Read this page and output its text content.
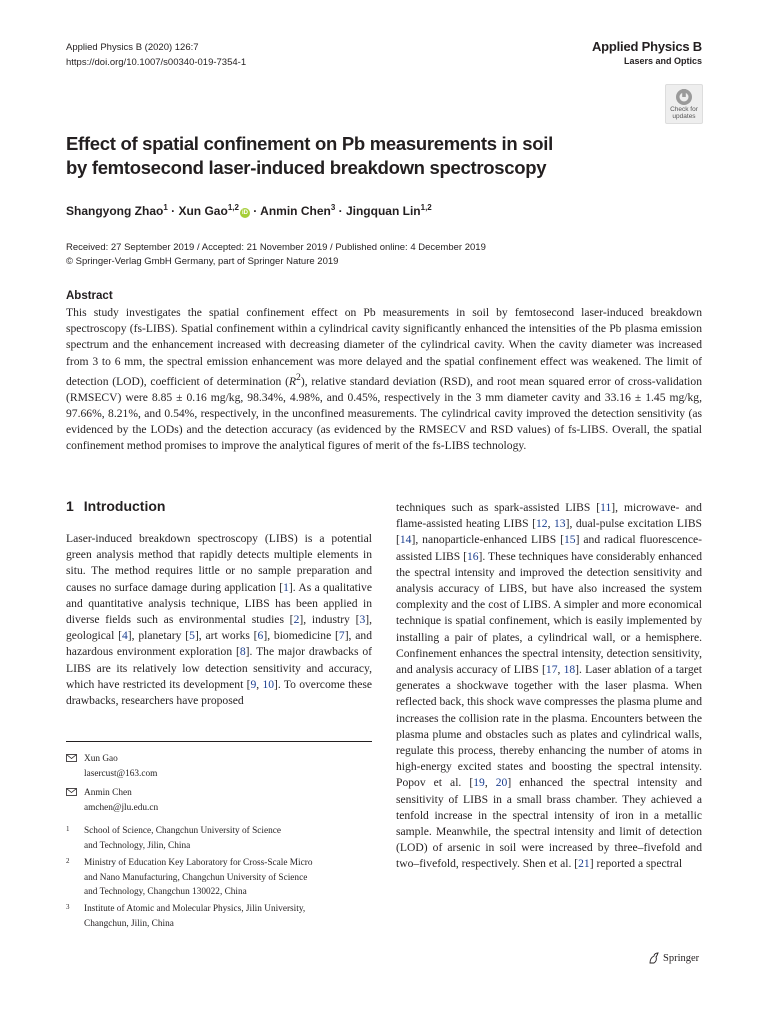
Applied Physics B (2020) 126:7
https://doi.org/10.1007/s00340-019-7354-1
Applied Physics B
Lasers and Optics
Check for
updates
Effect of spatial confinement on Pb measurements in soil
by femtosecond laser-induced breakdown spectroscopy
Shangyong Zhao$^1$ · Xun Gao$^{1,2}$iD · Anmin Chen$^3$ · Jingquan Lin$^{1,2}$
Received: 27 September 2019 / Accepted: 21 November 2019 / Published online: 4 December 2019
© Springer-Verlag GmbH Germany, part of Springer Nature 2019
Abstract
This study investigates the spatial confinement effect on Pb measurements in soil by femtosecond laser-induced breakdown spectroscopy (fs-LIBS). Spatial confinement within a cylindrical cavity significantly enhanced the intensities of the Pb plasma emission spectrum and the enhancement increased with decreasing diameter of the cylindrical cavity. When the cavity diameter was increased from 3 to 6 mm, the spectral emission enhancement was more delayed and the spatial confinement effect was weakened. The limit of detection (LOD), coefficient of determination $(R^2)$, relative standard deviation (RSD), and root mean squared error of cross-validation (RMSECV) were 8.85 ± 0.16 mg/kg, 98.34%, 4.98%, and 0.45%, respectively in the 3 mm diameter cavity and 33.16 ± 1.45 mg/kg, 97.66%, 8.21%, and 0.54%, respectively, in the unconfined measurements. The cylindrical cavity improved the detection sensitivity (as evidenced by the LODs) and the detection accuracy (as evidenced by the RMSECV and RSD values) of fs-LIBS. Overall, the spatial confinement method promises to improve the analytical figures of merit of the fs-LIBS technology.
1 Introduction
Laser-induced breakdown spectroscopy (LIBS) is a potential green analysis method that rapidly detects multiple elements in situ. The method requires little or no sample preparation and causes no surface damage during application [1]. As a qualitative and quantitative analysis technique, LIBS has been applied in diverse fields such as environmental studies [2], industry [3], geological [4], planetary [5], art works [6], biomedicine [7], and hazardous environment exploration [8]. The major drawbacks of LIBS are its relatively low detection sensitivity and accuracy, which have restricted its development [9, 10]. To overcome these drawbacks, researchers have proposed
techniques such as spark-assisted LIBS [11], microwave- and flame-assisted heating LIBS [12, 13], dual-pulse excitation LIBS [14], nanoparticle-enhanced LIBS [15] and radical fluorescence-assisted LIBS [16]. These techniques have considerably enhanced the spectral intensity and improved the detection sensitivity and analysis accuracy of LIBS, but have also increased the system complexity and the cost of LIBS. A simpler and more economical technique is spatial confinement, which is easily implemented by installing a pair of plates, a cylindrical wall, or a hemisphere. Confinement enhances the spectral intensity, detection sensitivity, and analysis accuracy of LIBS [17, 18]. Laser ablation of a target generates a shockwave together with the laser plasma. When reflected back, this shock wave compresses the plasma plume and increases the collision rate in the plasma. Encounters between the plasma plume and obstacles such as plates and cylindrical walls, regulate this process, thereby enhancing the number of atoms in high-energy excited states and boosting the spectral intensity. Popov et al. [19, 20] enhanced the spectral intensity and sensitivity of LIBS in a small brass chamber. They achieved a tenfold increase in the spectral intensity of iron in a metallic sample. Meanwhile, the spectral intensity and limit of detection (LOD) of arsenic in soil were increased by three–fivefold and two–fivefold, respectively. Shen et al. [21] reported a spectral
Xun Gao
lasercust@163.com
Anmin Chen
amchen@jlu.edu.cn
1 School of Science, Changchun University of Science
and Technology, Jilin, China
2 Ministry of Education Key Laboratory for Cross-Scale Micro
and Nano Manufacturing, Changchun University of Science
and Technology, Changchun 130022, China
3 Institute of Atomic and Molecular Physics, Jilin University,
Changchun, Jilin, China
Springer
